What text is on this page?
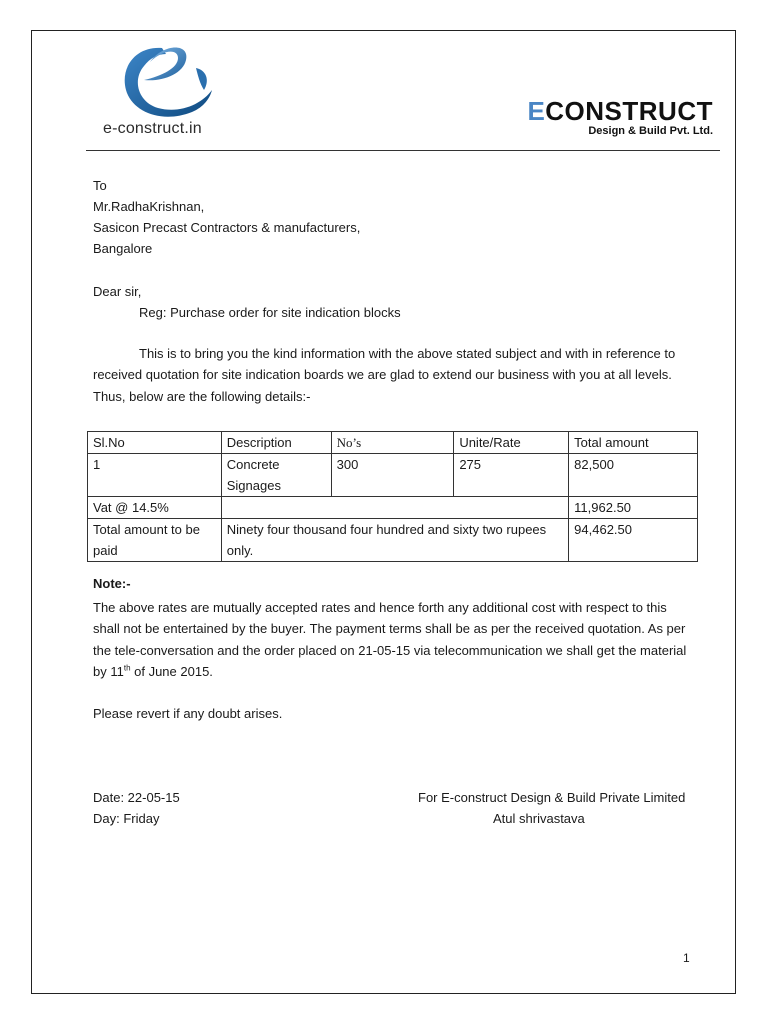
e-construct.in
ECONSTRUCT
Design & Build Pvt. Ltd.
To
Mr.RadhaKrishnan,
Sasicon Precast Contractors & manufacturers,
Bangalore
Dear sir,
Reg: Purchase order for site indication blocks
This is to bring you the kind information with the above stated subject and with in reference to
received quotation for site indication boards we are glad to extend our business with you at all levels.
Thus, below are the following details:-
Sl.No	Description	No’s	Unite/Rate	Total amount
1	Concrete Signages	300	275	82,500
Vat @ 14.5%				11,962.50
Total amount to be paid	Ninety four thousand four hundred and sixty two rupees only.			94,462.50
Note:-
The above rates are mutually accepted rates and hence forth any additional cost with respect to this
shall not be entertained by the buyer. The payment terms shall be as per the received quotation. As per
the tele-conversation and the order placed on 21-05-15 via telecommunication we shall get the material
by 11th of June 2015.
Please revert if any doubt arises.
Date: 22-05-15
Day: Friday
For E-construct Design & Build Private Limited
Atul shrivastava
1
